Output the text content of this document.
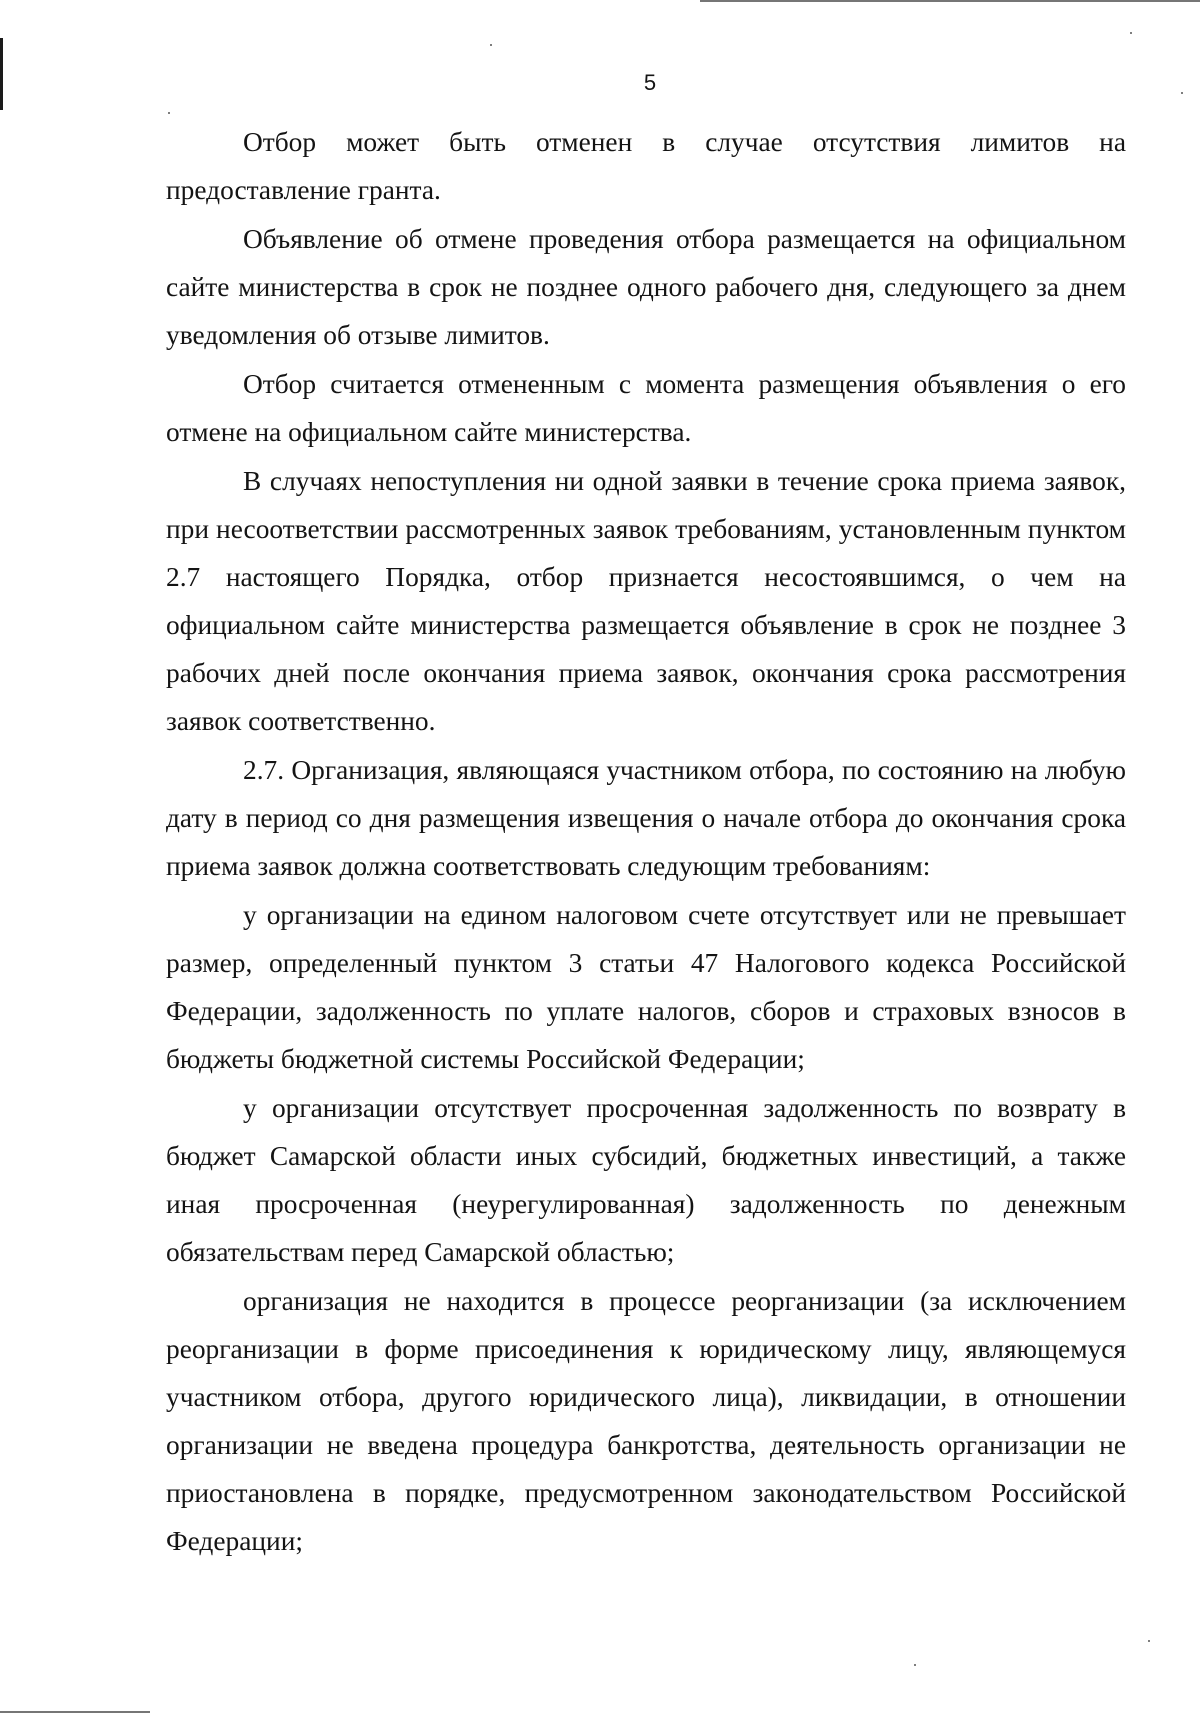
5

Отбор может быть отменен в случае отсутствия лимитов на предоставление гранта.

Объявление об отмене проведения отбора размещается на официальном сайте министерства в срок не позднее одного рабочего дня, следующего за днем уведомления об отзыве лимитов.

Отбор считается отмененным с момента размещения объявления о его отмене на официальном сайте министерства.

В случаях непоступления ни одной заявки в течение срока приема заявок, при несоответствии рассмотренных заявок требованиям, установленным пунктом 2.7 настоящего Порядка, отбор признается несостоявшимся, о чем на официальном сайте министерства размещается объявление в срок не позднее 3 рабочих дней после окончания приема заявок, окончания срока рассмотрения заявок соответственно.

2.7. Организация, являющаяся участником отбора, по состоянию на любую дату в период со дня размещения извещения о начале отбора до окончания срока приема заявок должна соответствовать следующим требованиям:

у организации на едином налоговом счете отсутствует или не превышает размер, определенный пунктом 3 статьи 47 Налогового кодекса Российской Федерации, задолженность по уплате налогов, сборов и страховых взносов в бюджеты бюджетной системы Российской Федерации;

у организации отсутствует просроченная задолженность по возврату в бюджет Самарской области иных субсидий, бюджетных инвестиций, а также иная просроченная (неурегулированная) задолженность по денежным обязательствам перед Самарской областью;

организация не находится в процессе реорганизации (за исключением реорганизации в форме присоединения к юридическому лицу, являющемуся участником отбора, другого юридического лица), ликвидации, в отношении организации не введена процедура банкротства, деятельность организации не приостановлена в порядке, предусмотренном законодательством Российской Федерации;
